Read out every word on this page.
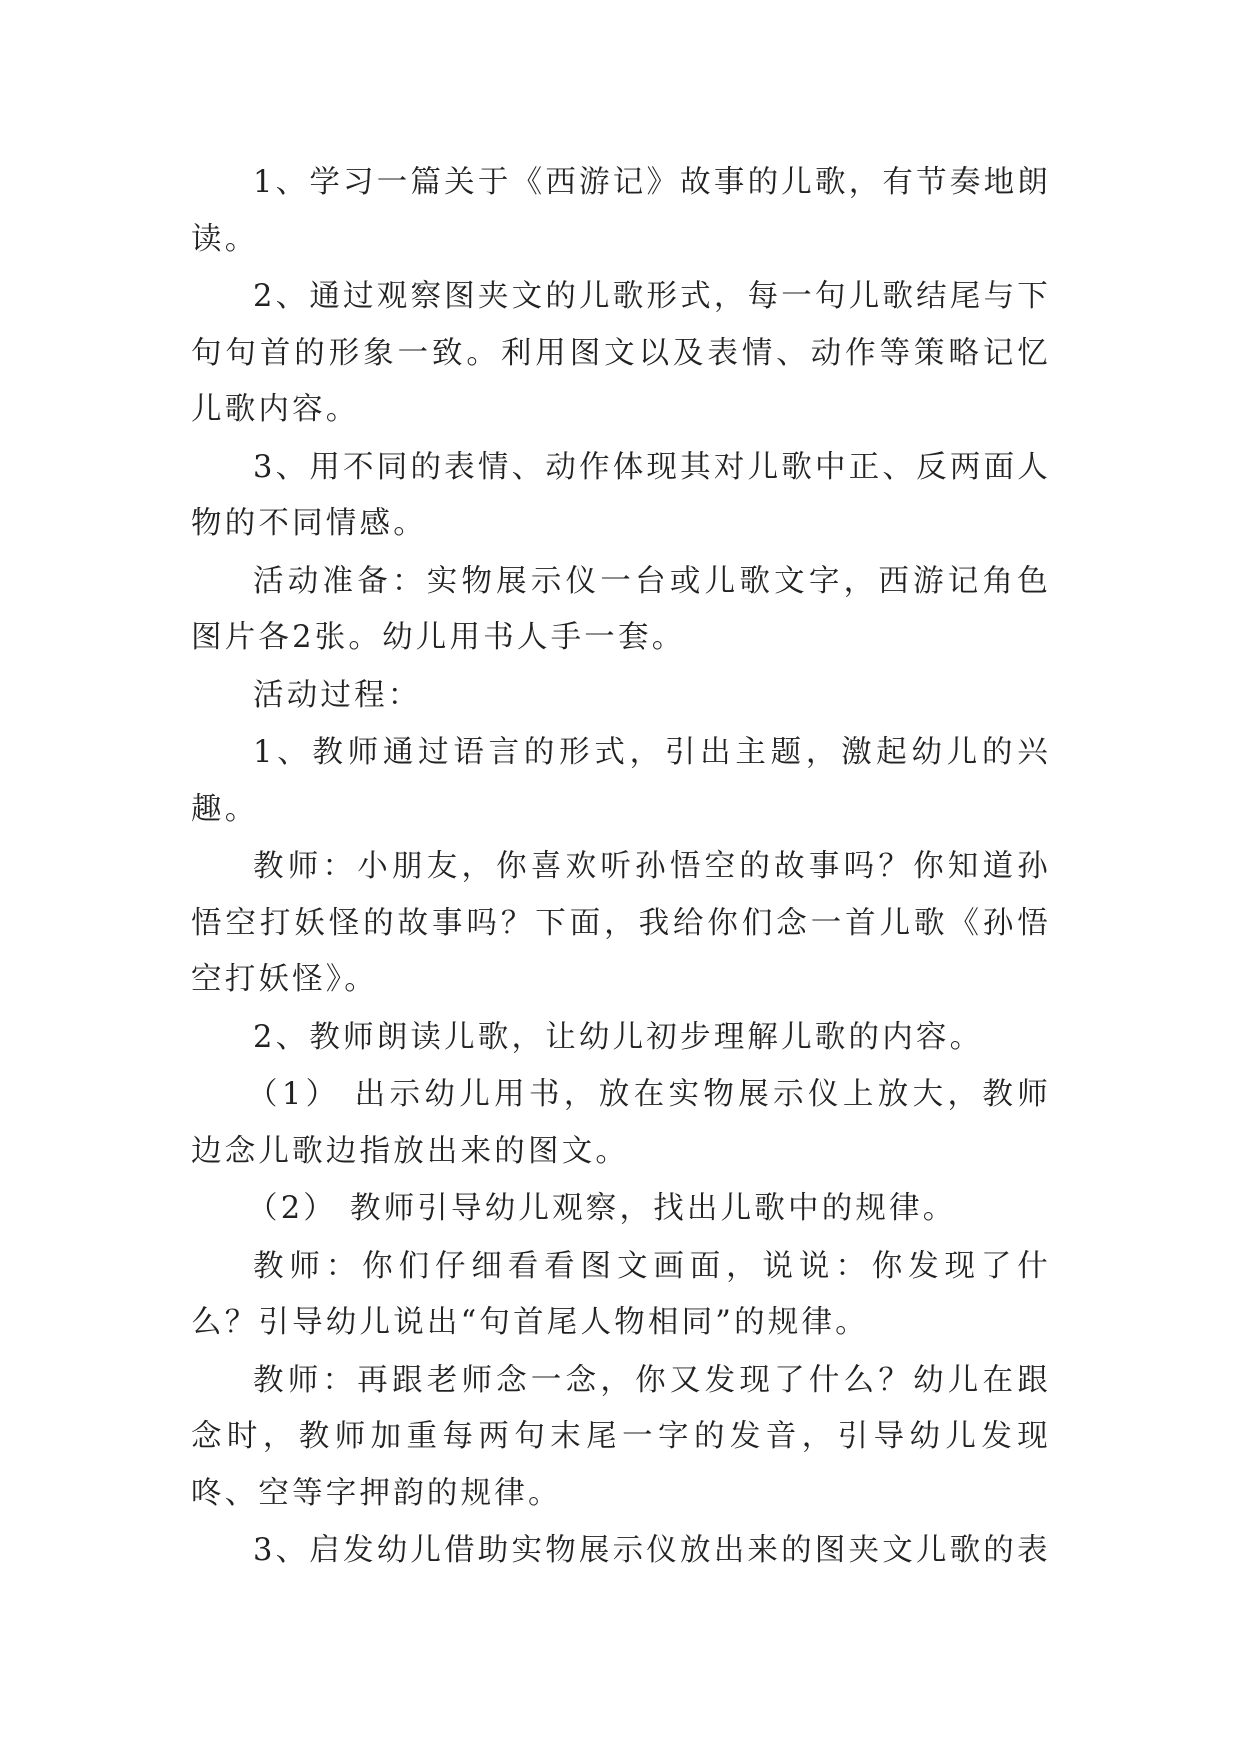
1、学习一篇关于《西游记》故事的儿歌，有节奏地朗读。

2、通过观察图夹文的儿歌形式，每一句儿歌结尾与下句句首的形象一致。利用图文以及表情、动作等策略记忆儿歌内容。

3、用不同的表情、动作体现其对儿歌中正、反两面人物的不同情感。

活动准备：实物展示仪一台或儿歌文字，西游记角色图片各2张。幼儿用书人手一套。

活动过程：

1、教师通过语言的形式，引出主题，激起幼儿的兴趣。

教师：小朋友，你喜欢听孙悟空的故事吗？你知道孙悟空打妖怪的故事吗？下面，我给你们念一首儿歌《孙悟空打妖怪》。

2、教师朗读儿歌，让幼儿初步理解儿歌的内容。

（1） 出示幼儿用书，放在实物展示仪上放大，教师边念儿歌边指放出来的图文。

（2） 教师引导幼儿观察，找出儿歌中的规律。

教师：你们仔细看看图文画面，说说：你发现了什么？引导幼儿说出“句首尾人物相同”的规律。

教师：再跟老师念一念，你又发现了什么？幼儿在跟念时，教师加重每两句末尾一字的发音，引导幼儿发现咚、空等字押韵的规律。

3、启发幼儿借助实物展示仪放出来的图夹文儿歌的表
